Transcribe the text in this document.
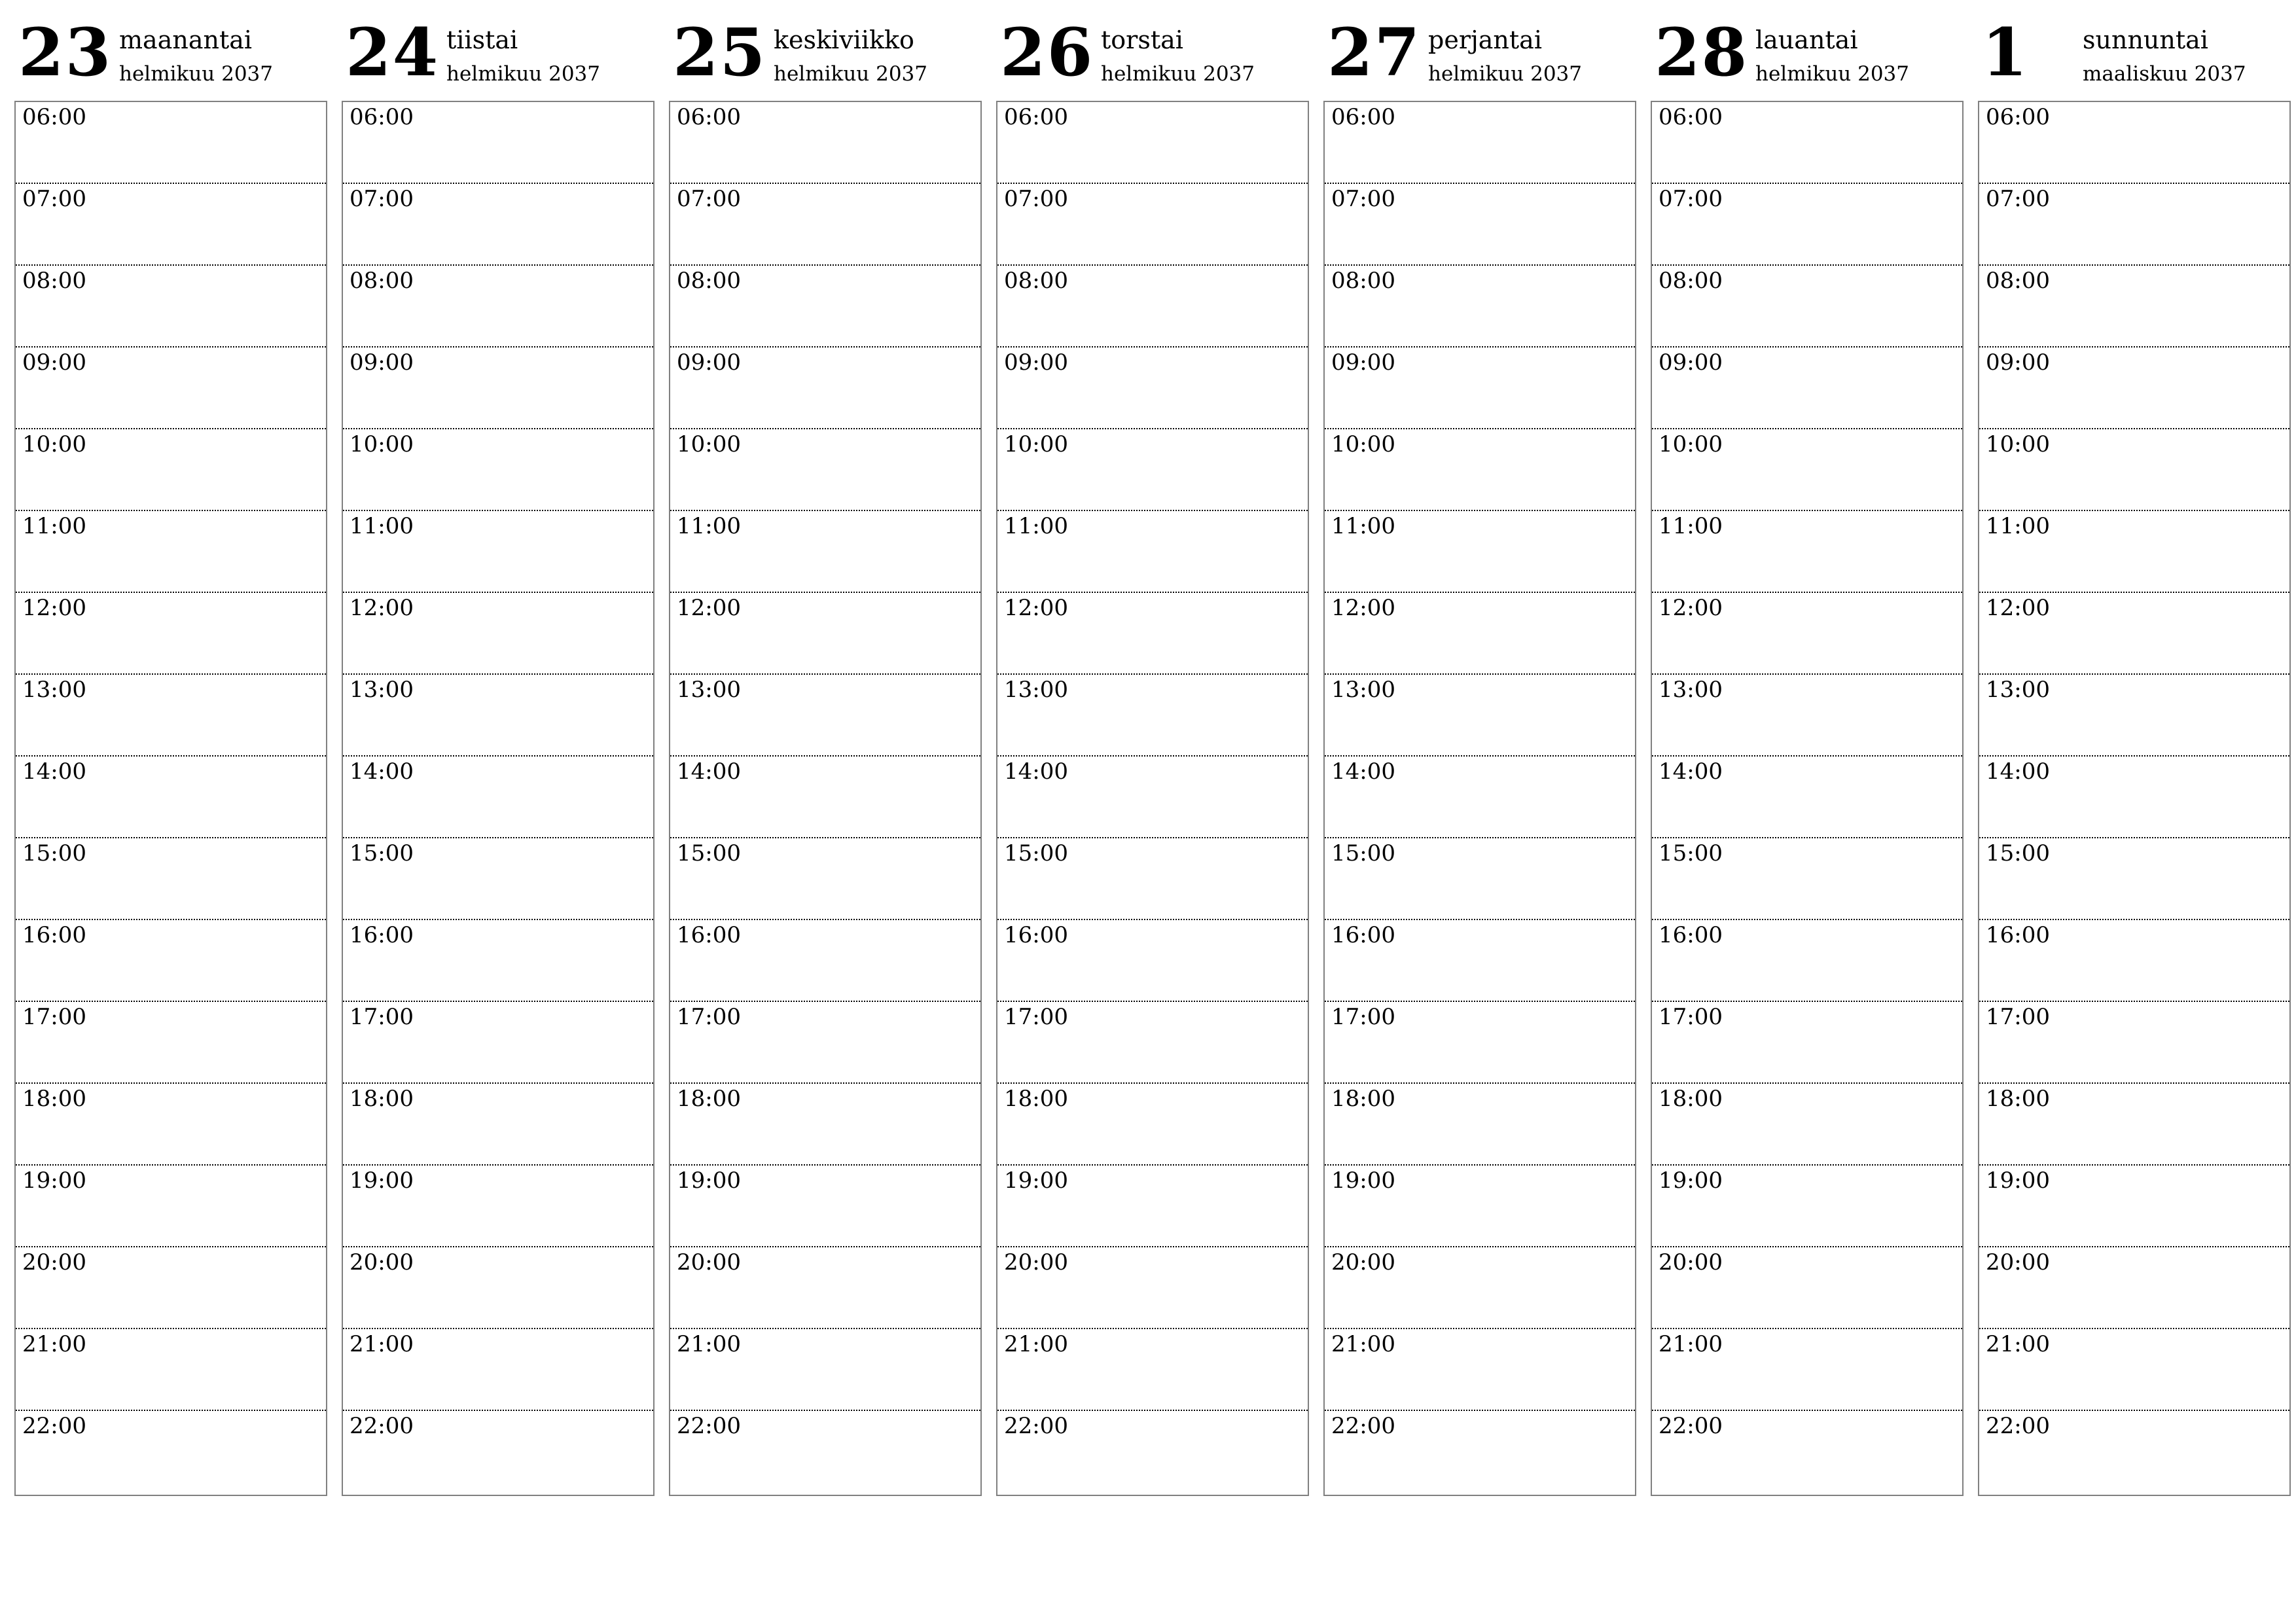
23 maanantai
helmikuu 2037
06:00
07:00
08:00
09:00
10:00
11:00
12:00
13:00
14:00
15:00
16:00
17:00
18:00
19:00
20:00
21:00
22:00
24 tiistai
helmikuu 2037
06:00
07:00
08:00
09:00
10:00
11:00
12:00
13:00
14:00
15:00
16:00
17:00
18:00
19:00
20:00
21:00
22:00
25 keskiviikko
helmikuu 2037
06:00
07:00
08:00
09:00
10:00
11:00
12:00
13:00
14:00
15:00
16:00
17:00
18:00
19:00
20:00
21:00
22:00
26 torstai
helmikuu 2037
06:00
07:00
08:00
09:00
10:00
11:00
12:00
13:00
14:00
15:00
16:00
17:00
18:00
19:00
20:00
21:00
22:00
27 perjantai
helmikuu 2037
06:00
07:00
08:00
09:00
10:00
11:00
12:00
13:00
14:00
15:00
16:00
17:00
18:00
19:00
20:00
21:00
22:00
28 lauantai
helmikuu 2037
06:00
07:00
08:00
09:00
10:00
11:00
12:00
13:00
14:00
15:00
16:00
17:00
18:00
19:00
20:00
21:00
22:00
1 sunnuntai
maaliskuu 2037
06:00
07:00
08:00
09:00
10:00
11:00
12:00
13:00
14:00
15:00
16:00
17:00
18:00
19:00
20:00
21:00
22:00
